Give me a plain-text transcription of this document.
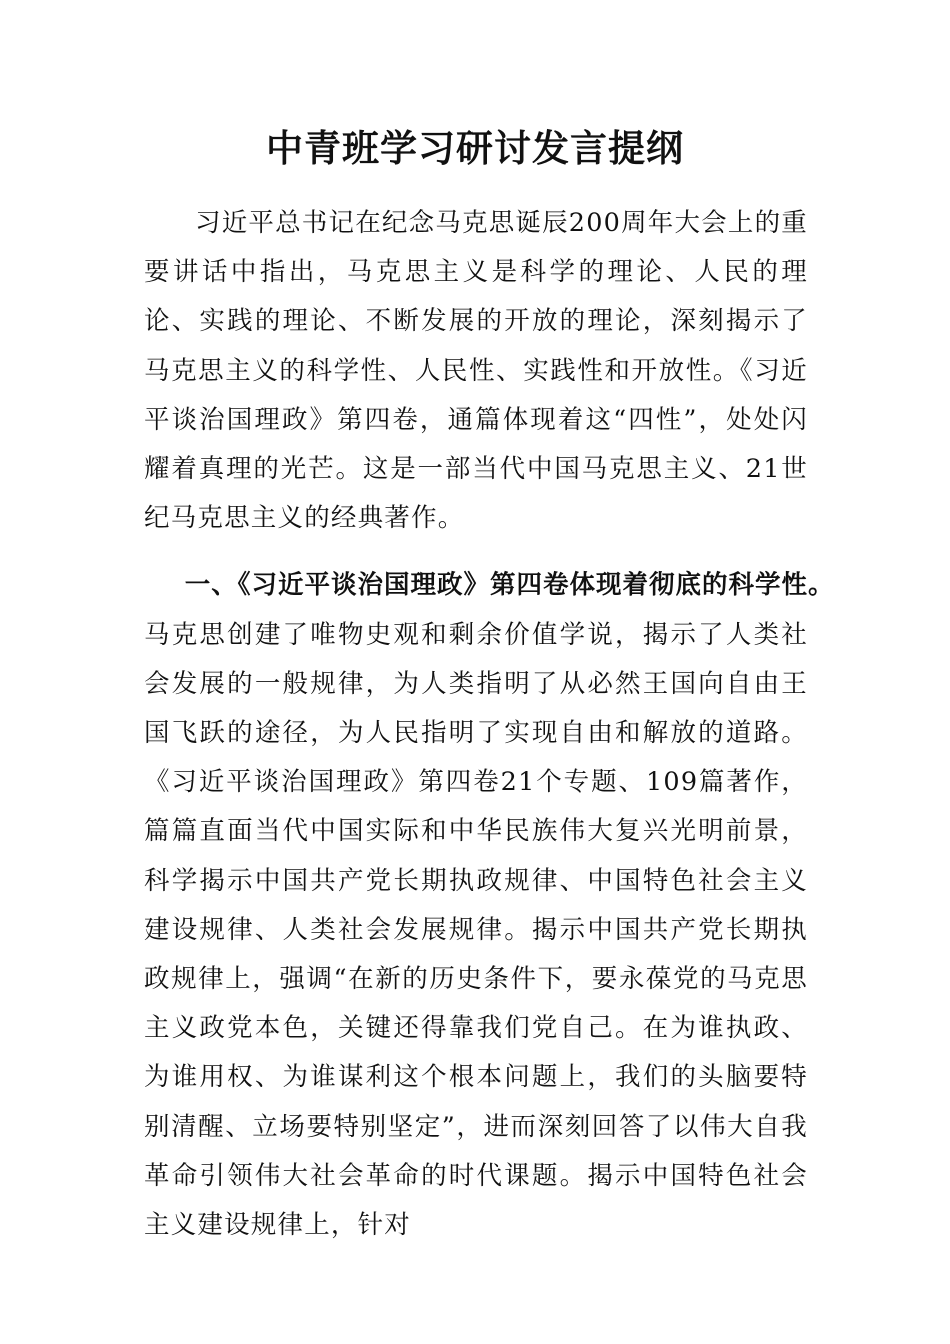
中青班学习研讨发言提纲

习近平总书记在纪念马克思诞辰200周年大会上的重要讲话中指出，马克思主义是科学的理论、人民的理论、实践的理论、不断发展的开放的理论，深刻揭示了马克思主义的科学性、人民性、实践性和开放性。《习近平谈治国理政》第四卷，通篇体现着这“四性”，处处闪耀着真理的光芒。这是一部当代中国马克思主义、21世纪马克思主义的经典著作。

一、《习近平谈治国理政》第四卷体现着彻底的科学性。

马克思创建了唯物史观和剩余价值学说，揭示了人类社会发展的一般规律，为人类指明了从必然王国向自由王国飞跃的途径，为人民指明了实现自由和解放的道路。《习近平谈治国理政》第四卷21个专题、109篇著作，篇篇直面当代中国实际和中华民族伟大复兴光明前景，科学揭示中国共产党长期执政规律、中国特色社会主义建设规律、人类社会发展规律。揭示中国共产党长期执政规律上，强调“在新的历史条件下，要永葆党的马克思主义政党本色，关键还得靠我们党自己。在为谁执政、为谁用权、为谁谋利这个根本问题上，我们的头脑要特别清醒、立场要特别坚定”，进而深刻回答了以伟大自我革命引领伟大社会革命的时代课题。揭示中国特色社会主义建设规律上，针对
